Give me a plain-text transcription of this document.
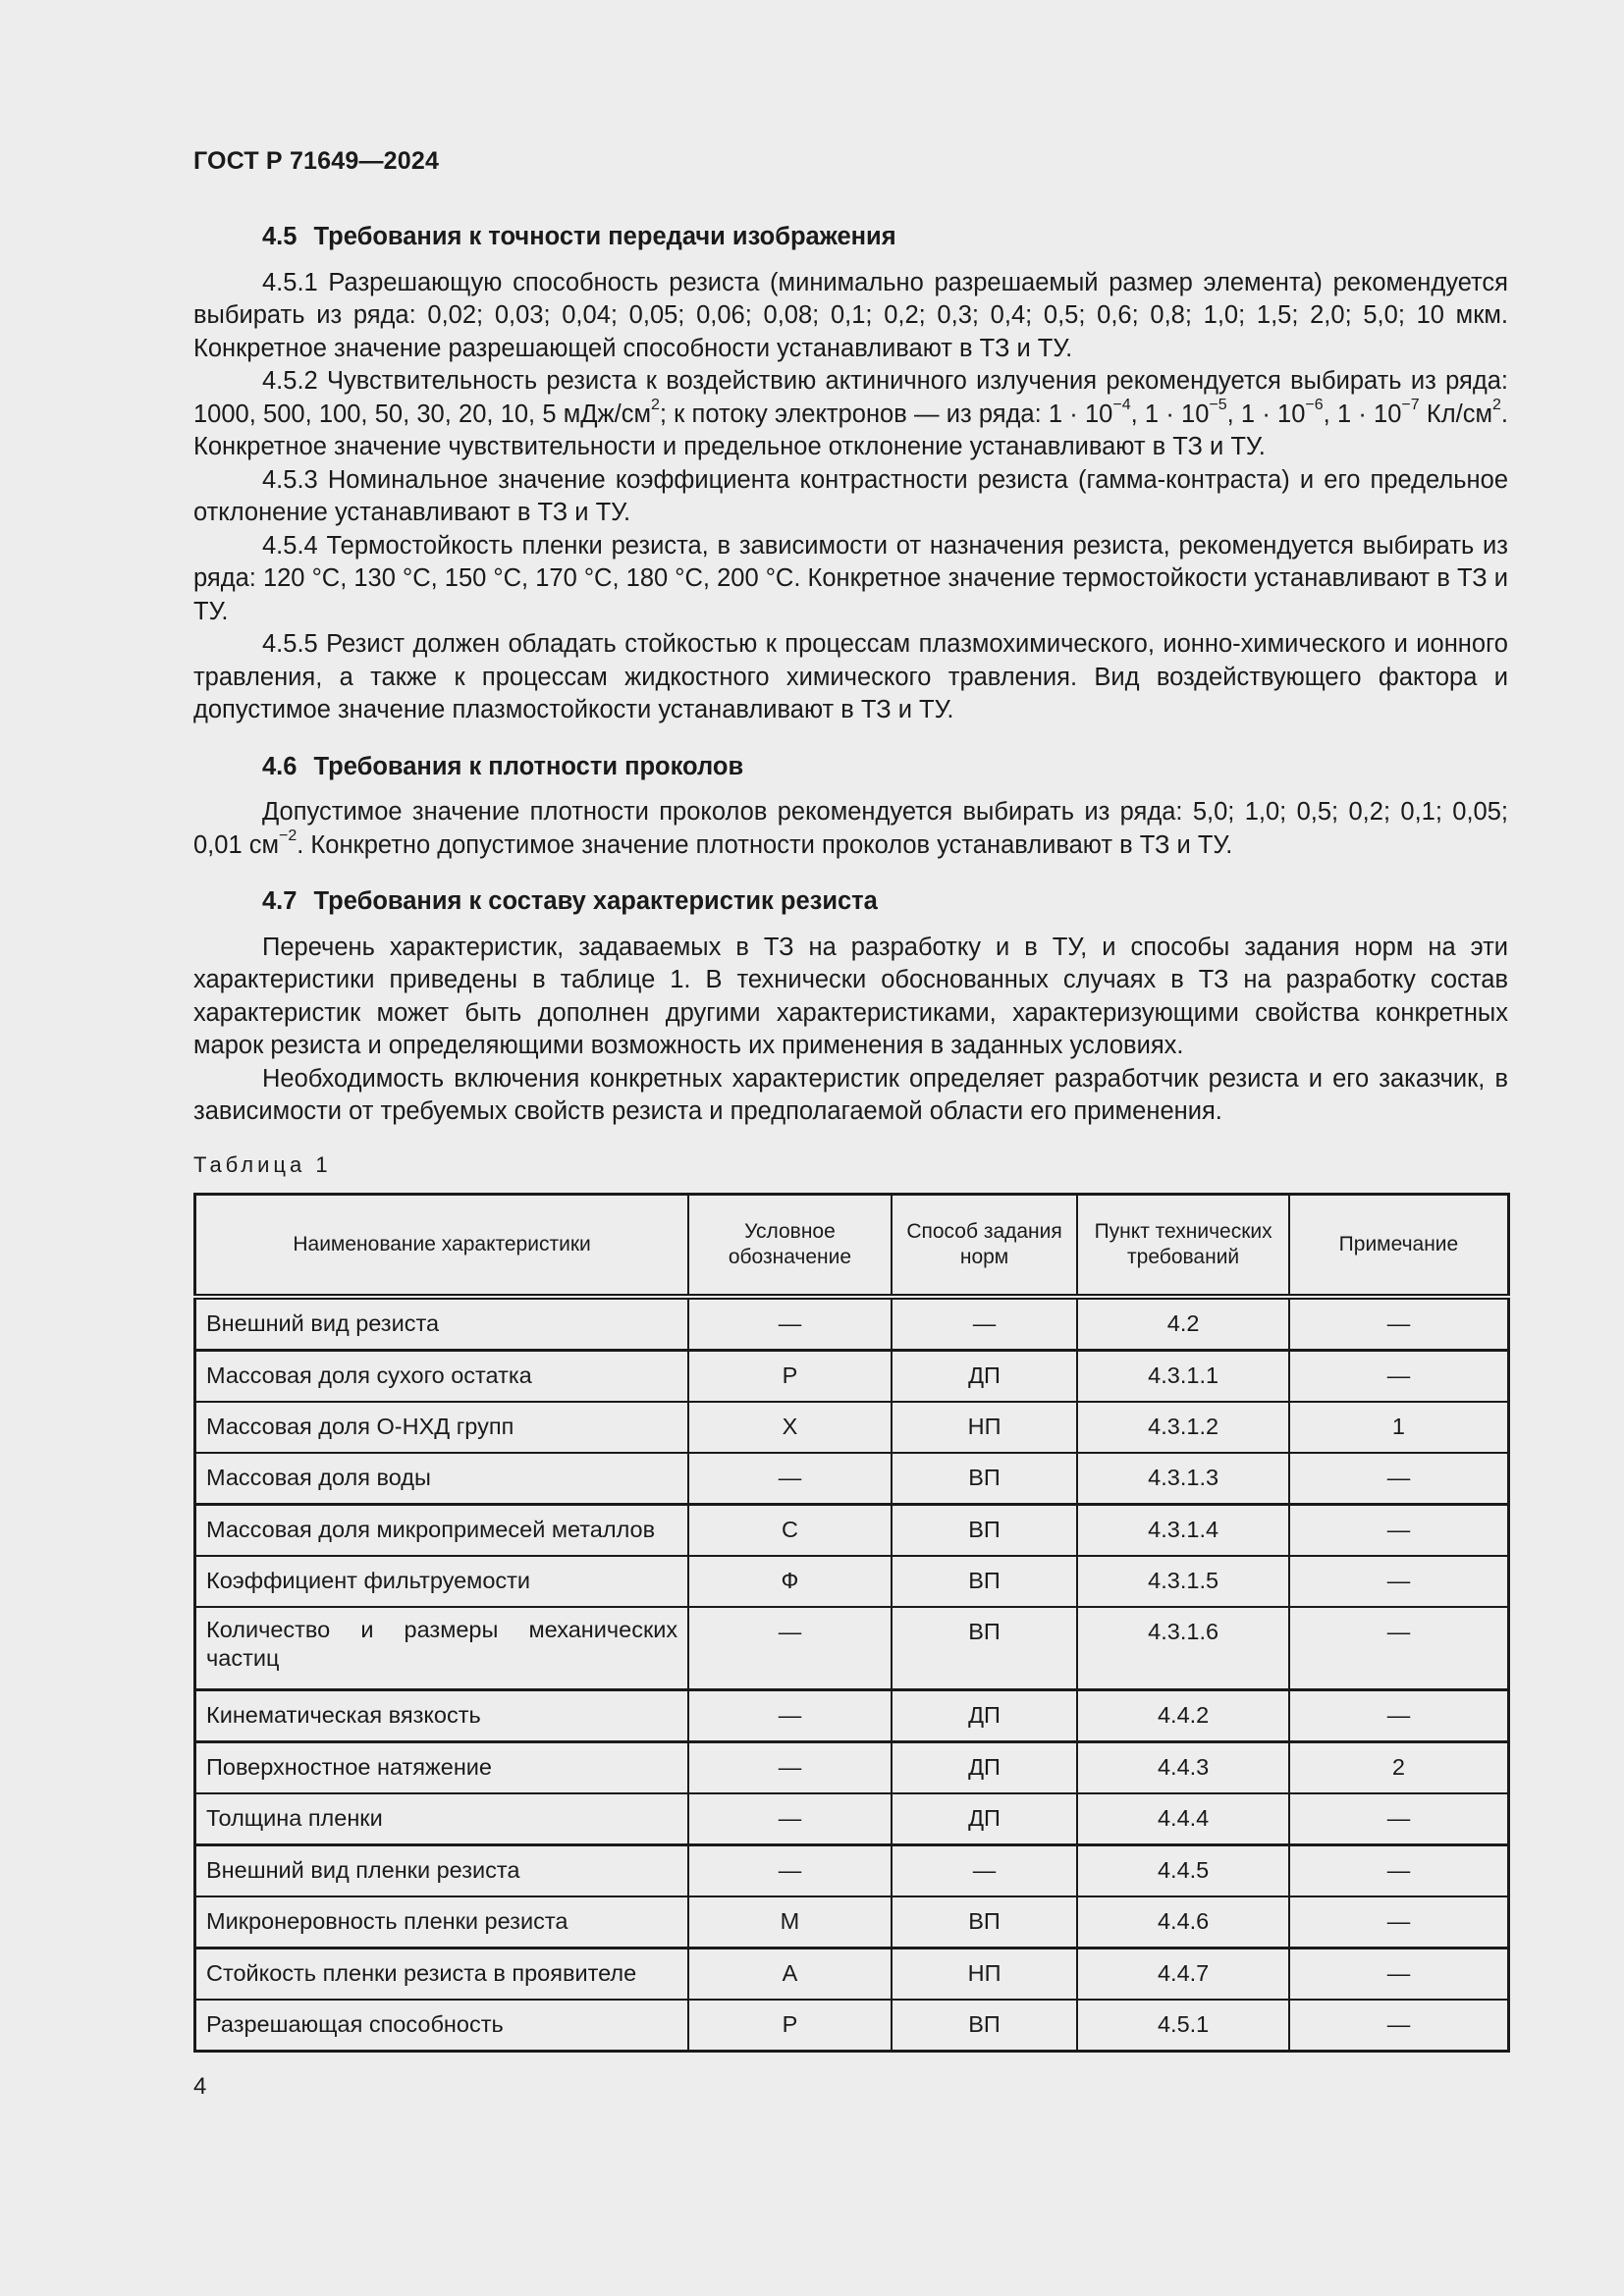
ГОСТ Р 71649—2024
4.5 Требования к точности передачи изображения

4.5.1 Разрешающую способность резиста (минимально разрешаемый размер элемента) рекомендуется выбирать из ряда: 0,02; 0,03; 0,04; 0,05; 0,06; 0,08; 0,1; 0,2; 0,3; 0,4; 0,5; 0,6; 0,8; 1,0; 1,5; 2,0; 5,0; 10 мкм. Конкретное значение разрешающей способности устанавливают в ТЗ и ТУ.

4.5.2 Чувствительность резиста к воздействию актиничного излучения рекомендуется выбирать из ряда: 1000, 500, 100, 50, 30, 20, 10, 5 мДж/$см^2$; к потоку электронов — из ряда: $1 \cdot 10^{-4}$, $1 \cdot 10^{-5}$, $1 \cdot 10^{-6}$, $1 \cdot 10^{-7}$ $Кл/см^2$. Конкретное значение чувствительности и предельное отклонение устанавливают в ТЗ и ТУ.

4.5.3 Номинальное значение коэффициента контрастности резиста (гамма-контраста) и его предельное отклонение устанавливают в ТЗ и ТУ.

4.5.4 Термостойкость пленки резиста, в зависимости от назначения резиста, рекомендуется выбирать из ряда: 120 °С, 130 °С, 150 °С, 170 °С, 180 °С, 200 °С. Конкретное значение термостойкости устанавливают в ТЗ и ТУ.

4.5.5 Резист должен обладать стойкостью к процессам плазмохимического, ионно-химического и ионного травления, а также к процессам жидкостного химического травления. Вид воздействующего фактора и допустимое значение плазмостойкости устанавливают в ТЗ и ТУ.

4.6 Требования к плотности проколов

Допустимое значение плотности проколов рекомендуется выбирать из ряда: 5,0; 1,0; 0,5; 0,2; 0,1; 0,05; 0,01 $см^{-2}$. Конкретно допустимое значение плотности проколов устанавливают в ТЗ и ТУ.

4.7 Требования к составу характеристик резиста

Перечень характеристик, задаваемых в ТЗ на разработку и в ТУ, и способы задания норм на эти характеристики приведены в таблице 1. В технически обоснованных случаях в ТЗ на разработку состав характеристик может быть дополнен другими характеристиками, характеризующими свойства конкретных марок резиста и определяющими возможность их применения в заданных условиях.

Необходимость включения конкретных характеристик определяет разработчик резиста и его заказчик, в зависимости от требуемых свойств резиста и предполагаемой области его применения.

Таблица 1
Наименование характеристики	Условное обозначение	Способ задания норм	Пункт технических требований	Примечание
Внешний вид резиста	—	—	4.2	—
Массовая доля сухого остатка	Р	ДП	4.3.1.1	—
Массовая доля О-НХД групп	Х	НП	4.3.1.2	1
Массовая доля воды	—	ВП	4.3.1.3	—
Массовая доля микропримесей металлов	С	ВП	4.3.1.4	—
Коэффициент фильтруемости	Ф	ВП	4.3.1.5	—
Количество и размеры механических частиц	—	ВП	4.3.1.6	—
Кинематическая вязкость	—	ДП	4.4.2	—
Поверхностное натяжение	—	ДП	4.4.3	2
Толщина пленки	—	ДП	4.4.4	—
Внешний вид пленки резиста	—	—	4.4.5	—
Микронеровность пленки резиста	М	ВП	4.4.6	—
Стойкость пленки резиста в проявителе	А	НП	4.4.7	—
Разрешающая способность	Р	ВП	4.5.1	—
4
